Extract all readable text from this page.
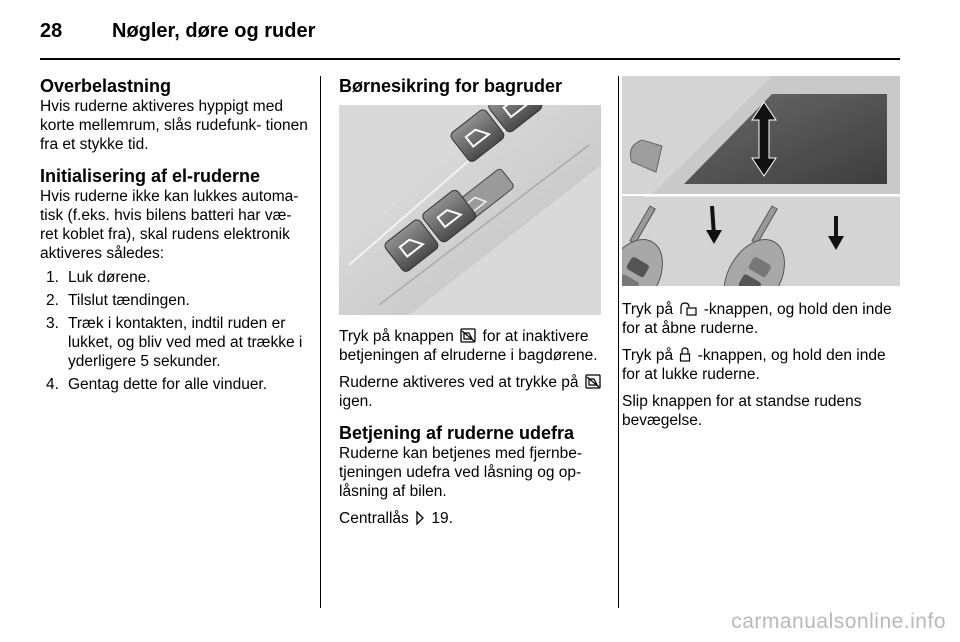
28 Nøgler, døre og ruder
Overbelastning

Hvis ruderne aktiveres hyppigt med korte mellemrum, slås rudefunk- tionen fra et stykke tid.

Initialisering af el-ruderne

Hvis ruderne ikke kan lukkes automa- tisk (f.eks. hvis bilens batteri har væ- ret koblet fra), skal rudens elektronik aktiveres således:

1. Luk dørene.
2. Tilslut tændingen.
3. Træk i kontakten, indtil ruden er lukket, og bliv ved med at trække i yderligere 5 sekunder.
4. Gentag dette for alle vinduer.
Børnesikring for bagruder

Tryk på knappen for at inaktivere betjeningen af elruderne i bagdørene.

Ruderne aktiveres ved at trykke på  igen.

Betjening af ruderne udefra

Ruderne kan betjenes med fjernbe- tjeningen udefra ved låsning og op- låsning af bilen.

Centrallås 19.

Tryk på -knappen, og hold den inde for at åbne ruderne.

Tryk på -knappen, og hold den inde for at lukke ruderne.

Slip knappen for at standse rudens bevægelse.

carmanualsonline.info
